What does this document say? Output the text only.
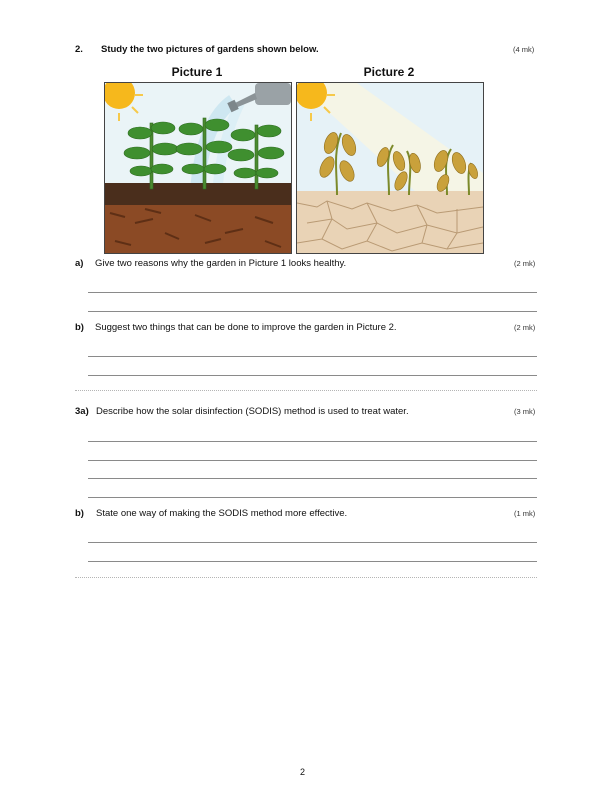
2. Study the two pictures of gardens shown below.	(4 mk)
Picture 1	Picture 2
a) Give two reasons why the garden in Picture 1 looks healthy.	(2 mk)
b) Suggest two things that can be done to improve the garden in Picture 2.	(2 mk)
3a) Describe how the solar disinfection (SODIS) method is used to treat water.	(3 mk)
b) State one way of making the SODIS method more effective.	(1 mk)
2
